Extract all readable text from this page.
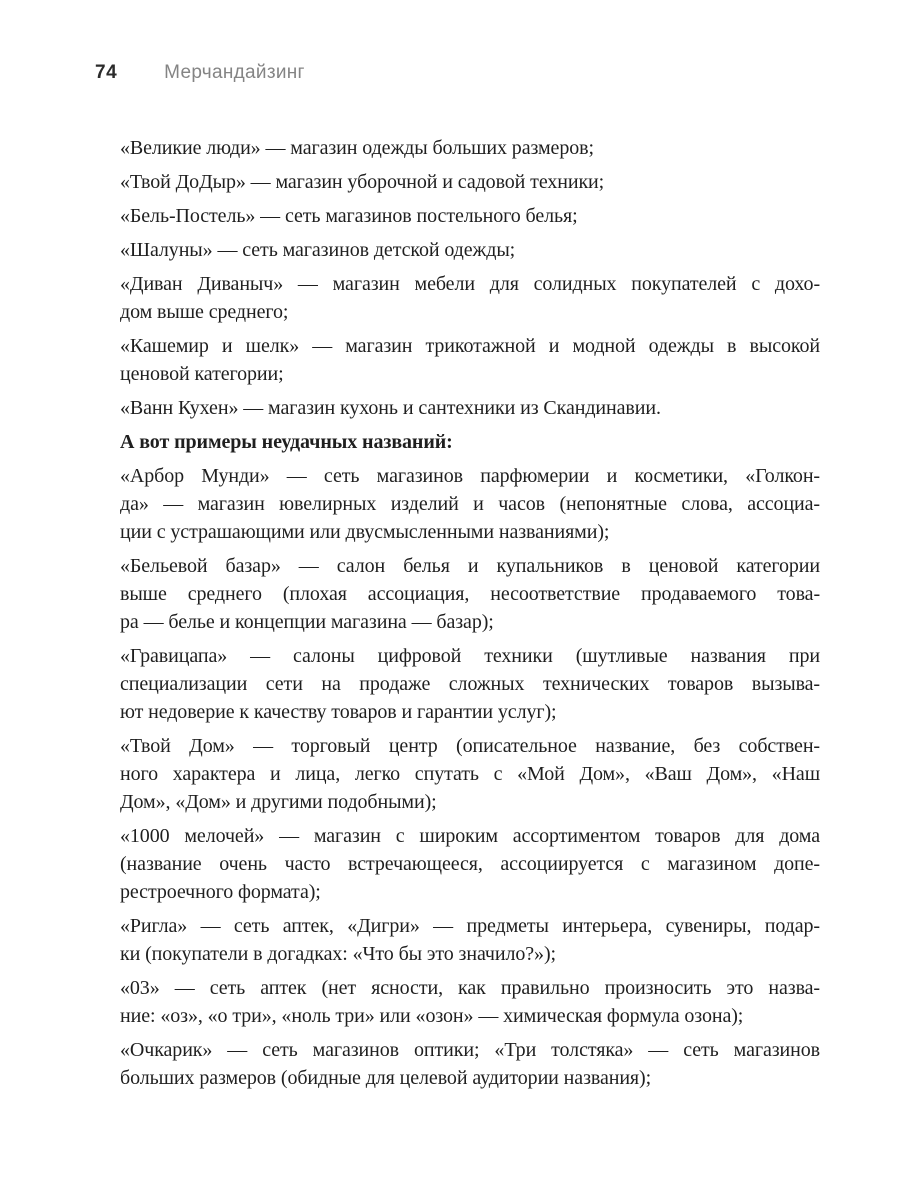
74 Мерчандайзинг
«Великие люди» — магазин одежды больших размеров;
«Твой ДоДыр» — магазин уборочной и садовой техники;
«Бель-Постель» — сеть магазинов постельного белья;
«Шалуны» — сеть магазинов детской одежды;
«Диван Диваныч» — магазин мебели для солидных покупателей с дохо-
дом выше среднего;
«Кашемир и шелк» — магазин трикотажной и модной одежды в высокой
ценовой категории;
«Ванн Кухен» — магазин кухонь и сантехники из Скандинавии.
А вот примеры неудачных названий:
«Арбор Мунди» — сеть магазинов парфюмерии и косметики, «Голкон-
да» — магазин ювелирных изделий и часов (непонятные слова, ассоциа-
ции с устрашающими или двусмысленными названиями);
«Бельевой базар» — салон белья и купальников в ценовой категории
выше среднего (плохая ассоциация, несоответствие продаваемого това-
ра — белье и концепции магазина — базар);
«Гравицапа» — салоны цифровой техники (шутливые названия при
специализации сети на продаже сложных технических товаров вызыва-
ют недоверие к качеству товаров и гарантии услуг);
«Твой Дом» — торговый центр (описательное название, без собствен-
ного характера и лица, легко спутать с «Мой Дом», «Ваш Дом», «Наш
Дом», «Дом» и другими подобными);
«1000 мелочей» — магазин с широким ассортиментом товаров для дома
(название очень часто встречающееся, ассоциируется с магазином допе-
рестроечного формата);
«Ригла» — сеть аптек, «Дигри» — предметы интерьера, сувениры, подар-
ки (покупатели в догадках: «Что бы это значило?»);
«03» — сеть аптек (нет ясности, как правильно произносить это назва-
ние: «оз», «о три», «ноль три» или «озон» — химическая формула озона);
«Очкарик» — сеть магазинов оптики; «Три толстяка» — сеть магазинов
больших размеров (обидные для целевой аудитории названия);
